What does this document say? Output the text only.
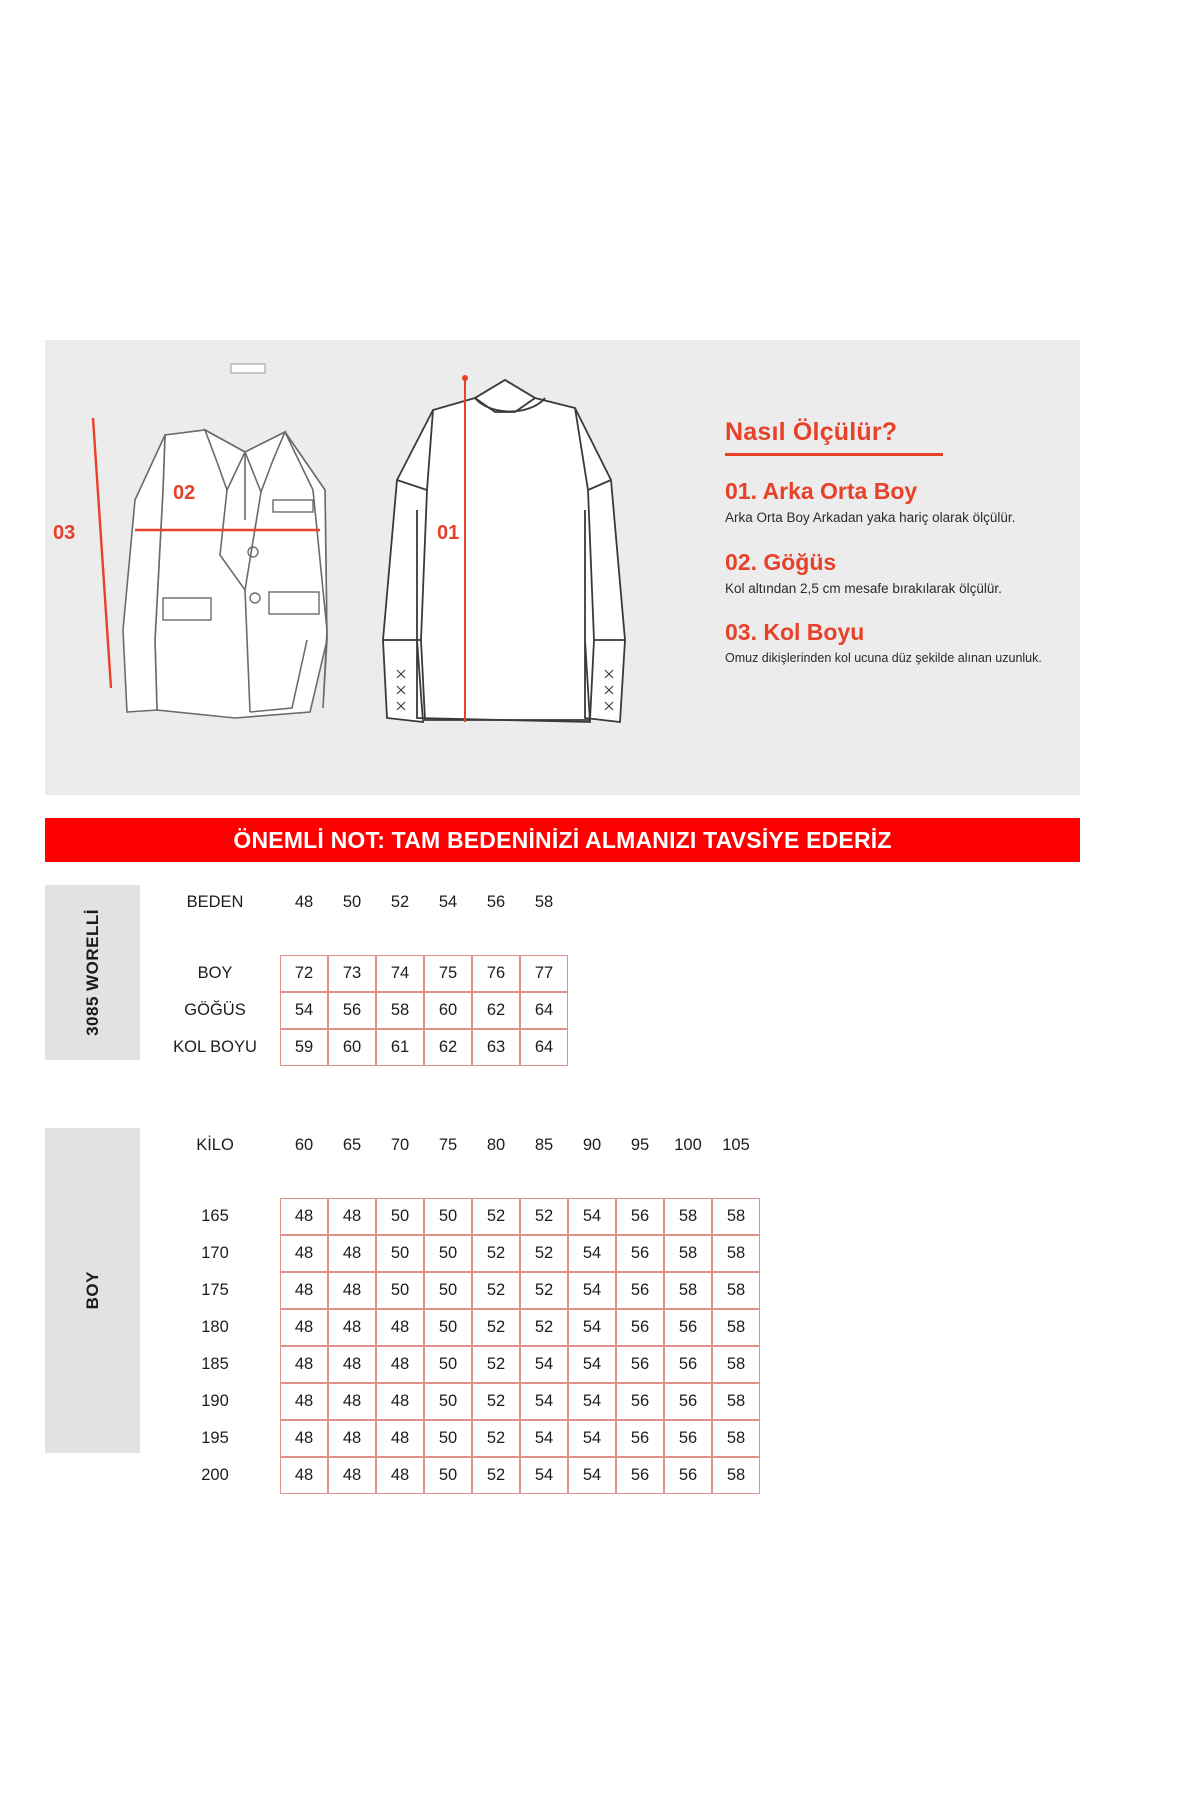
03
02
01
Nasıl Ölçülür?
01. Arka Orta Boy
Arka Orta Boy Arkadan yaka hariç olarak ölçülür.
02. Göğüs
Kol altından 2,5 cm mesafe bırakılarak ölçülür.
03. Kol Boyu
Omuz dikişlerinden kol ucuna düz şekilde alınan uzunluk.
ÖNEMLİ NOT: TAM BEDENİNİZİ ALMANIZI TAVSİYE EDERİZ
3085 WORELLİ
BEDEN	48	50	52	54	56	58

BOY	72	73	74	75	76	77
GÖĞÜS	54	56	58	60	62	64
KOL BOYU	59	60	61	62	63	64
BOY
KİLO	60	65	70	75	80	85	90	95	100	105

165	48	48	50	50	52	52	54	56	58	58
170	48	48	50	50	52	52	54	56	58	58
175	48	48	50	50	52	52	54	56	58	58
180	48	48	48	50	52	52	54	56	56	58
185	48	48	48	50	52	54	54	56	56	58
190	48	48	48	50	52	54	54	56	56	58
195	48	48	48	50	52	54	54	56	56	58
200	48	48	48	50	52	54	54	56	56	58
